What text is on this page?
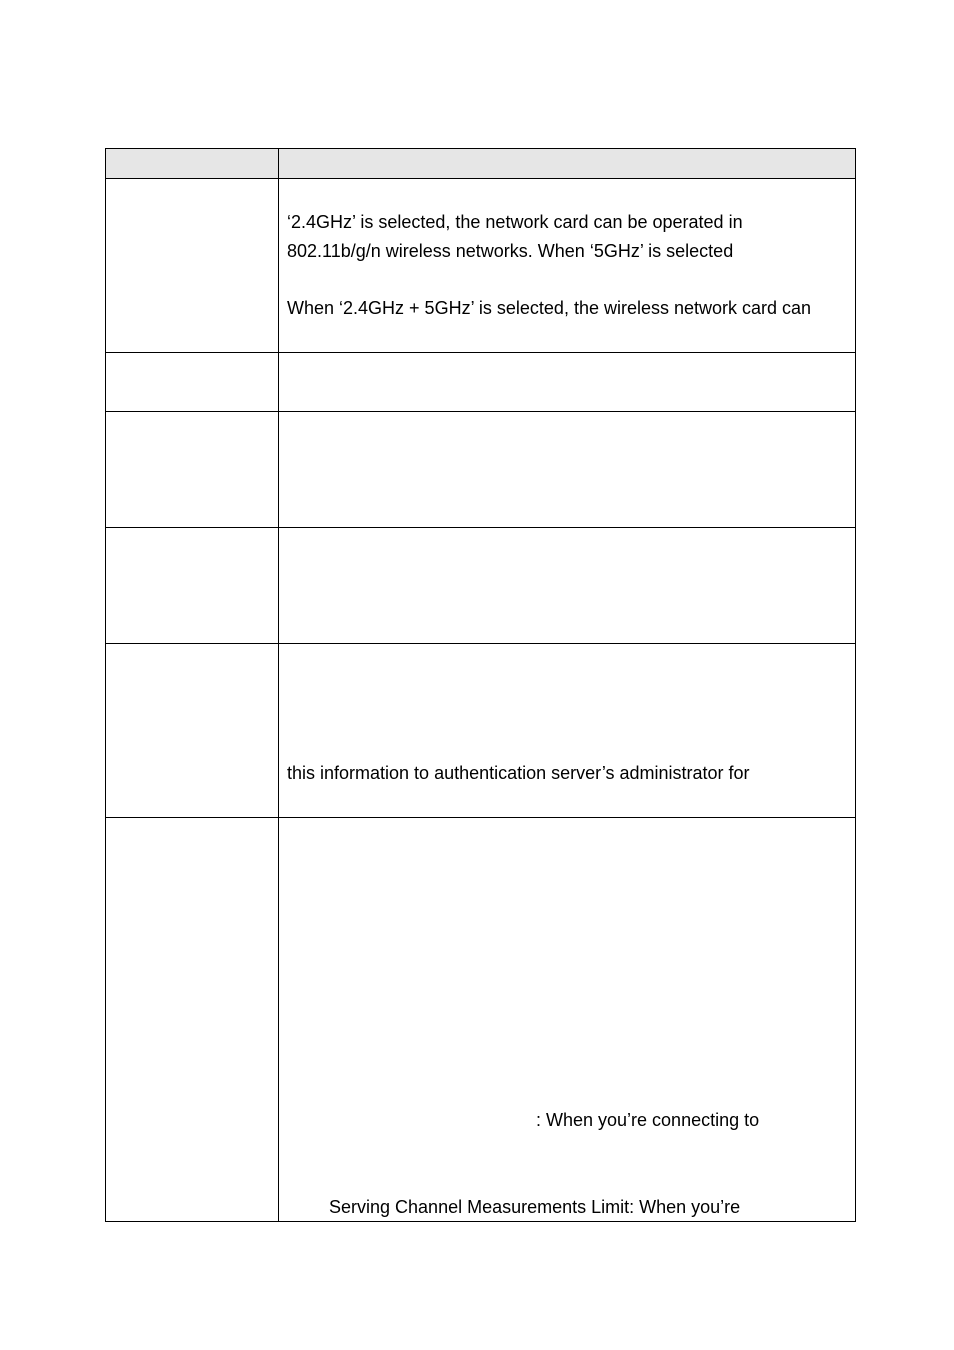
‘2.4GHz’ is selected, the network card can be operated in
802.11b/g/n wireless networks. When ‘5GHz’ is selected
When ‘2.4GHz + 5GHz’ is selected, the wireless network card can
this information to authentication server’s administrator for
: When you’re connecting to
Serving Channel Measurements Limit: When you’re
